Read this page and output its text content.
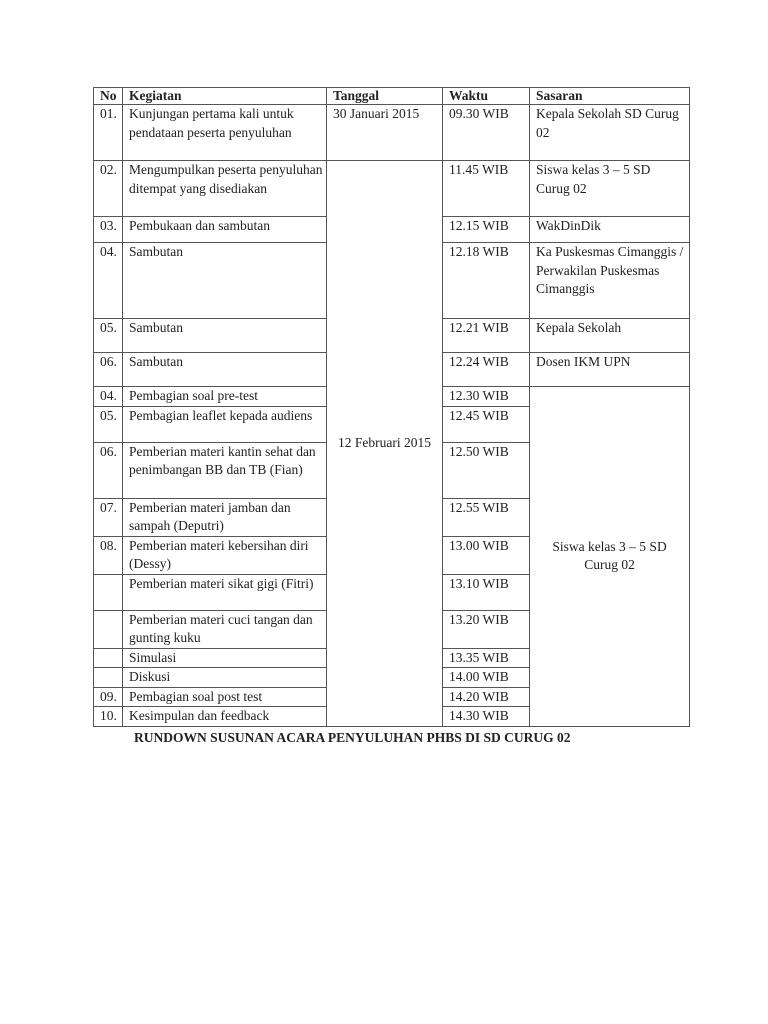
No	Kegiatan	Tanggal	Waktu	Sasaran
01.	Kunjungan pertama kali untuk pendataan peserta penyuluhan	30 Januari 2015	09.30 WIB	Kepala Sekolah SD Curug 02
02.	Mengumpulkan peserta penyuluhan ditempat yang disediakan	12 Februari 2015	11.45 WIB	Siswa kelas 3 – 5 SD Curug 02
03.	Pembukaan dan sambutan		12.15 WIB	WakDinDik
04.	Sambutan		12.18 WIB	Ka Puskesmas Cimanggis / Perwakilan Puskesmas Cimanggis
05.	Sambutan		12.21 WIB	Kepala Sekolah
06.	Sambutan		12.24 WIB	Dosen IKM UPN
04.	Pembagian soal pre-test		12.30 WIB	Siswa kelas 3 – 5 SD Curug 02
05.	Pembagian leaflet kepada audiens		12.45 WIB	
06.	Pemberian materi kantin sehat dan penimbangan BB dan TB (Fian)		12.50 WIB	
07.	Pemberian materi jamban dan sampah (Deputri)		12.55 WIB	
08.	Pemberian materi kebersihan diri (Dessy)		13.00 WIB	
	Pemberian materi sikat gigi (Fitri)		13.10 WIB	
	Pemberian materi cuci tangan dan gunting kuku		13.20 WIB	
	Simulasi		13.35 WIB	
	Diskusi		14.00 WIB	
09.	Pembagian soal post test		14.20 WIB	
10.	Kesimpulan dan feedback		14.30 WIB	
RUNDOWN SUSUNAN ACARA PENYULUHAN PHBS DI SD CURUG 02
